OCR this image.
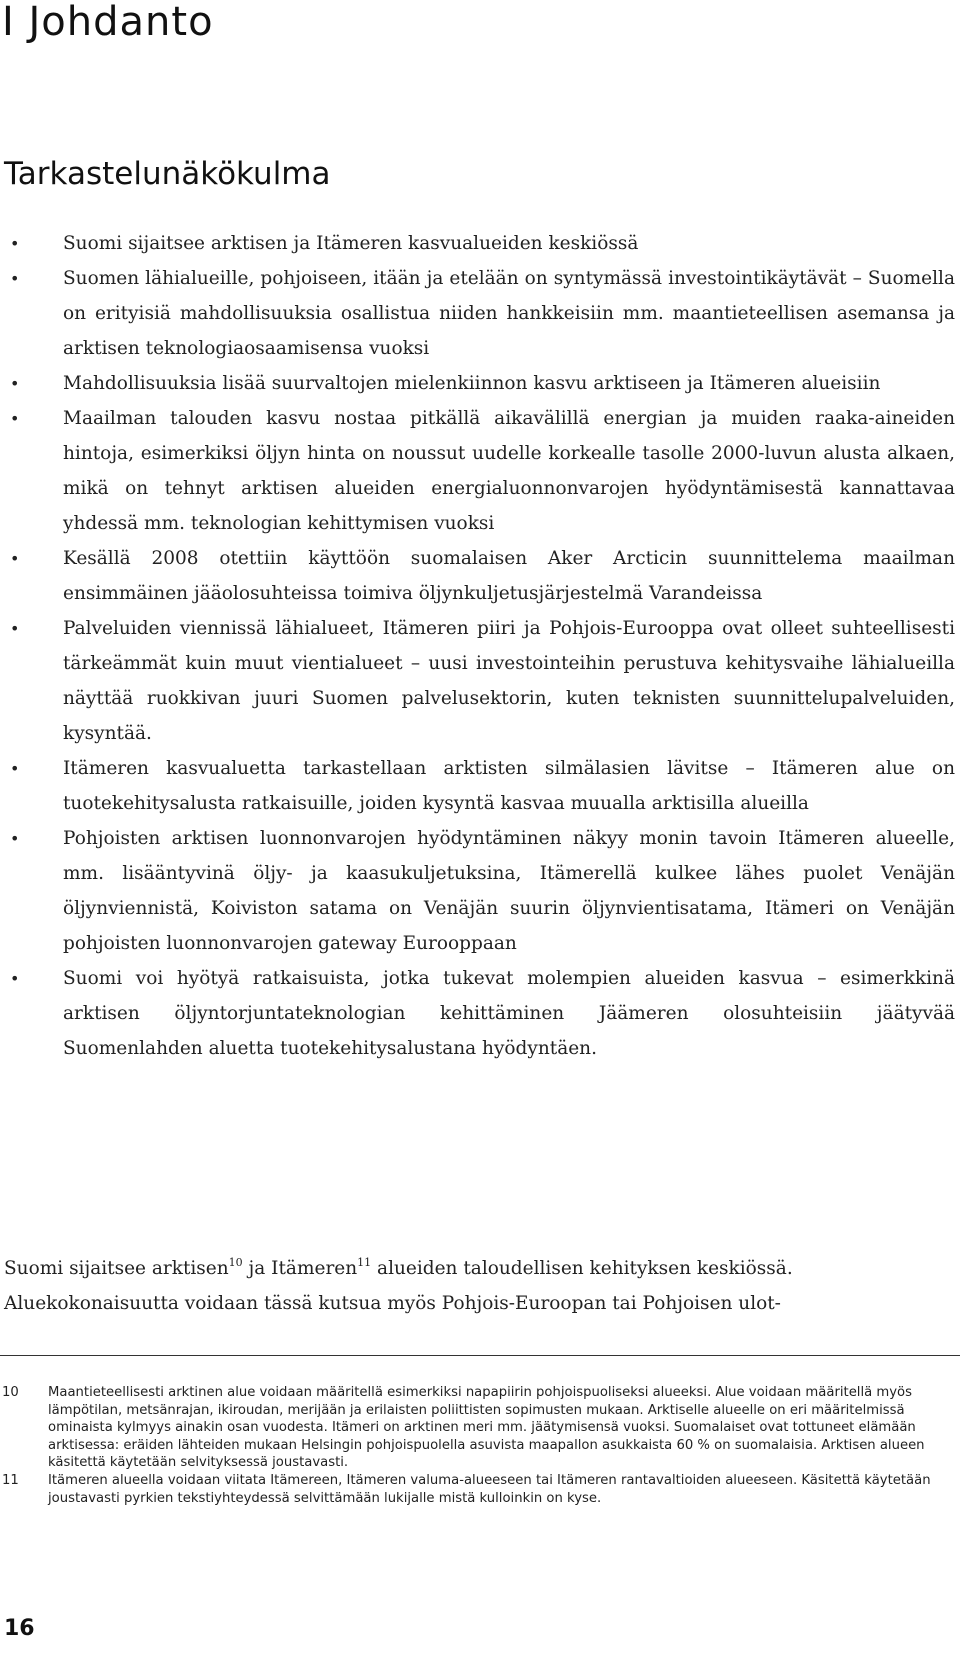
I Johdanto
Tarkastelunäkökulma
• Suomi sijaitsee arktisen ja Itämeren kasvualueiden keskiössä
• Suomen lähialueille, pohjoiseen, itään ja etelään on syntymässä investointikäytävät – Suomella on erityisiä mahdollisuuksia osallistua niiden hankkeisiin mm. maantieteellisen asemansa ja arktisen teknologiaosaamisensa vuoksi
• Mahdollisuuksia lisää suurvaltojen mielenkiinnon kasvu arktiseen ja Itämeren alueisiin
• Maailman talouden kasvu nostaa pitkällä aikavälillä energian ja muiden raaka-aineiden hintoja, esimerkiksi öljyn hinta on noussut uudelle korkealle tasolle 2000-luvun alusta alkaen, mikä on tehnyt arktisen alueiden energialuonnonvarojen hyödyntämisestä kannattavaa yhdessä mm. teknologian kehittymisen vuoksi
• Kesällä 2008 otettiin käyttöön suomalaisen Aker Arcticin suunnittelema maailman ensimmäinen jääolosuhteissa toimiva öljynkuljetusjärjestelmä Varandeissa
• Palveluiden viennissä lähialueet, Itämeren piiri ja Pohjois-Eurooppa ovat olleet suhteellisesti tärkeämmät kuin muut vientialueet – uusi investointeihin perustuva kehitysvaihe lähialueilla näyttää ruokkivan juuri Suomen palvelusektorin, kuten teknisten suunnittelupalveluiden, kysyntää.
• Itämeren kasvualuetta tarkastellaan arktisten silmälasien lävitse – Itämeren alue on tuotekehitysalusta ratkaisuille, joiden kysyntä kasvaa muualla arktisilla alueilla
• Pohjoisten arktisen luonnonvarojen hyödyntäminen näkyy monin tavoin Itämeren alueelle, mm. lisääntyvinä öljy- ja kaasukuljetuksina, Itämerellä kulkee lähes puolet Venäjän öljynviennistä, Koiviston satama on Venäjän suurin öljynvientisatama, Itämeri on Venäjän pohjoisten luonnonvarojen gateway Eurooppaan
• Suomi voi hyötyä ratkaisuista, jotka tukevat molempien alueiden kasvua – esimerkkinä arktisen öljyntorjuntateknologian kehittäminen Jäämeren olosuhteisiin jäätyvää Suomenlahden aluetta tuotekehitysalustana hyödyntäen.

Suomi sijaitsee arktisen$^{10}$ ja Itämeren$^{11}$ alueiden taloudellisen kehityksen keskiössä.

Aluekokonaisuutta voidaan tässä kutsua myös Pohjois-Euroopan tai Pohjoisen ulot-

10 Maantieteellisesti arktinen alue voidaan määritellä esimerkiksi napapiirin pohjoispuoliseksi alueeksi. Alue voidaan määritellä myös lämpötilan, metsänrajan, ikiroudan, merijään ja erilaisten poliittisten sopimusten mukaan. Arktiselle alueelle on eri määritelmissä ominaista kylmyys ainakin osan vuodesta. Itämeri on arktinen meri mm. jäätymisensä vuoksi. Suomalaiset ovat tottuneet elämään arktisessa: eräiden lähteiden mukaan Helsingin pohjoispuolella asuvista maapallon asukkaista 60 % on suomalaisia. Arktisen alueen käsitettä käytetään selvityksessä joustavasti.
11 Itämeren alueella voidaan viitata Itämereen, Itämeren valuma-alueeseen tai Itämeren rantavaltioiden alueeseen. Käsitettä käytetään joustavasti pyrkien tekstiyhteydessä selvittämään lukijalle mistä kulloinkin on kyse.

16
